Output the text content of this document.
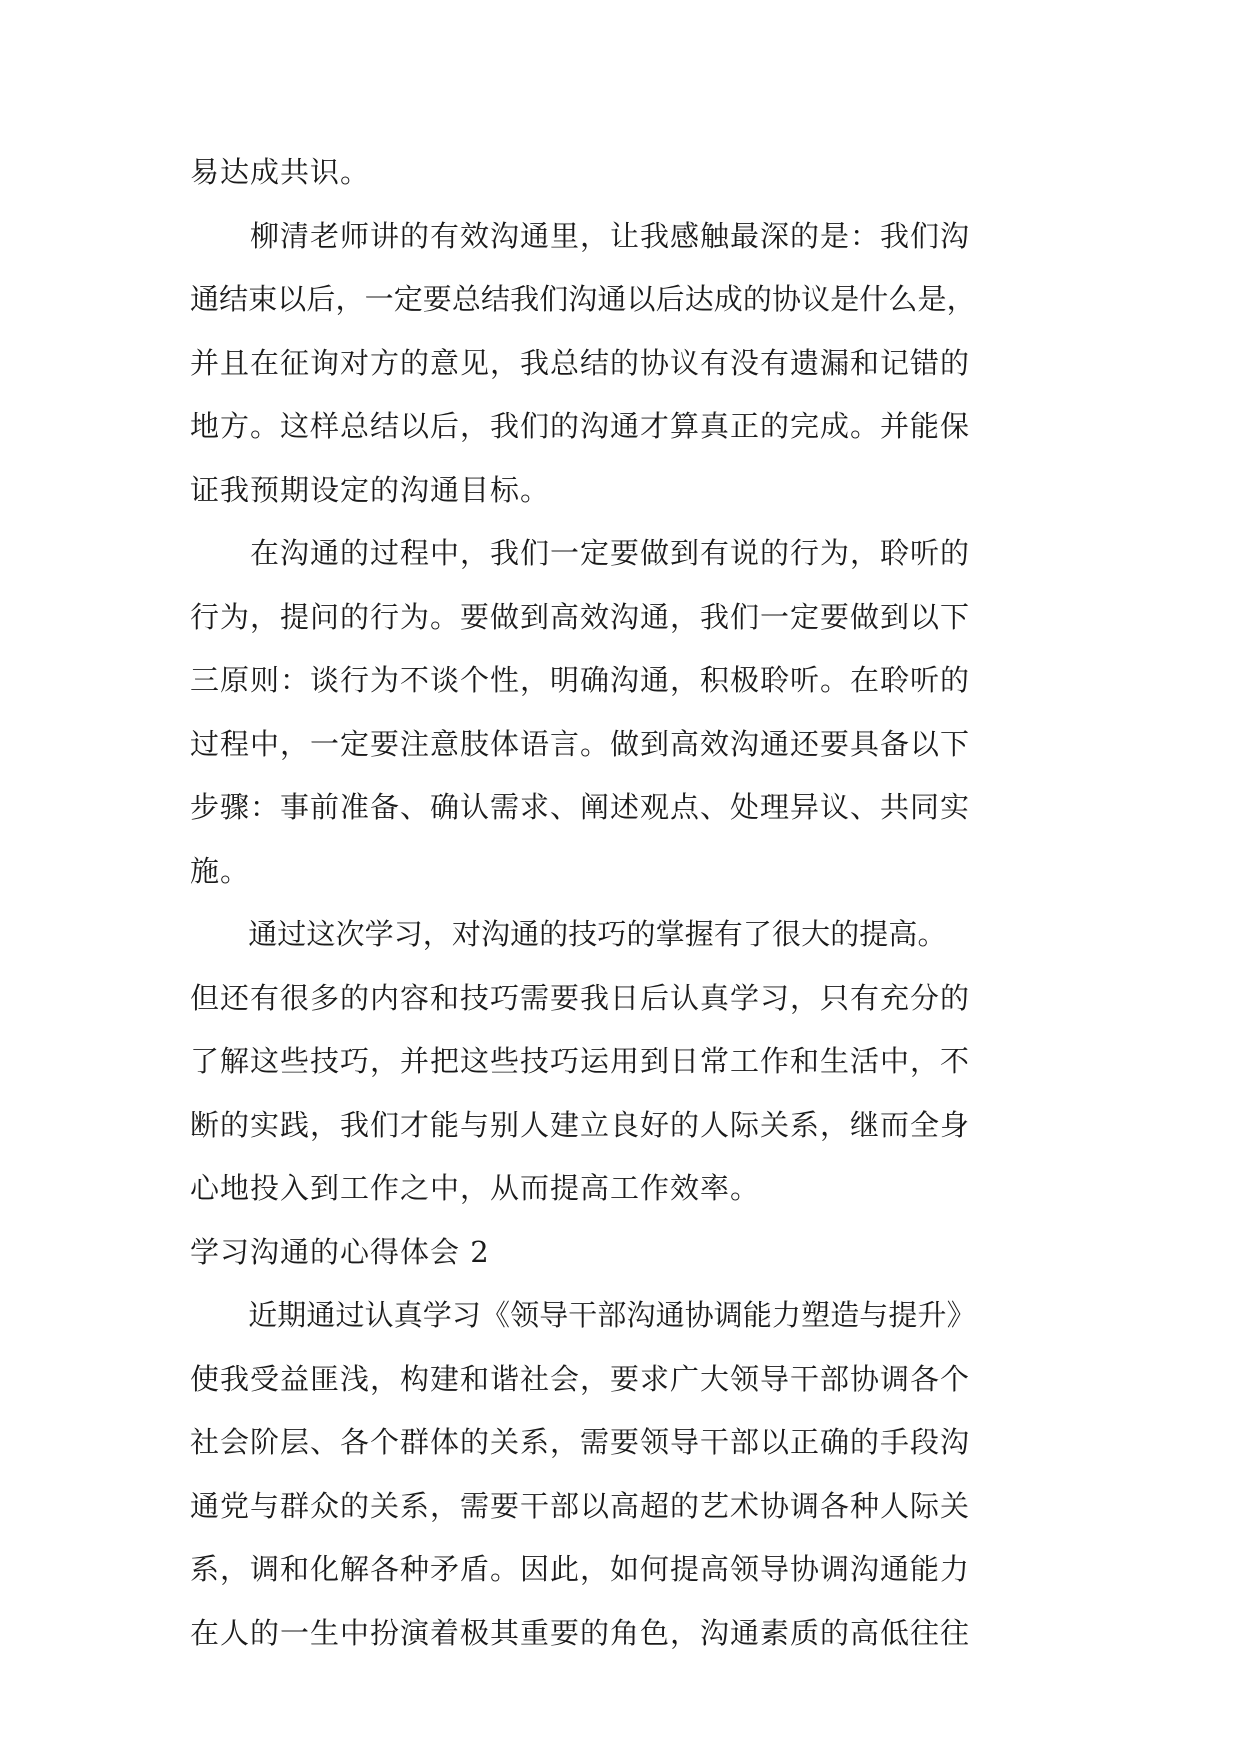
易达成共识。
　　柳清老师讲的有效沟通里，让我感触最深的是：我们沟
通结束以后，一定要总结我们沟通以后达成的协议是什么是，
并且在征询对方的意见，我总结的协议有没有遗漏和记错的
地方。这样总结以后，我们的沟通才算真正的完成。并能保
证我预期设定的沟通目标。
　　在沟通的过程中，我们一定要做到有说的行为，聆听的
行为，提问的行为。要做到高效沟通，我们一定要做到以下
三原则：谈行为不谈个性，明确沟通，积极聆听。在聆听的
过程中，一定要注意肢体语言。做到高效沟通还要具备以下
步骤：事前准备、确认需求、阐述观点、处理异议、共同实
施。
　　通过这次学习，对沟通的技巧的掌握有了很大的提高。
但还有很多的内容和技巧需要我日后认真学习，只有充分的
了解这些技巧，并把这些技巧运用到日常工作和生活中，不
断的实践，我们才能与别人建立良好的人际关系，继而全身
心地投入到工作之中，从而提高工作效率。
学习沟通的心得体会 2
　　近期通过认真学习《领导干部沟通协调能力塑造与提升》
使我受益匪浅，构建和谐社会，要求广大领导干部协调各个
社会阶层、各个群体的关系，需要领导干部以正确的手段沟
通党与群众的关系，需要干部以高超的艺术协调各种人际关
系，调和化解各种矛盾。因此，如何提高领导协调沟通能力
在人的一生中扮演着极其重要的角色，沟通素质的高低往往
